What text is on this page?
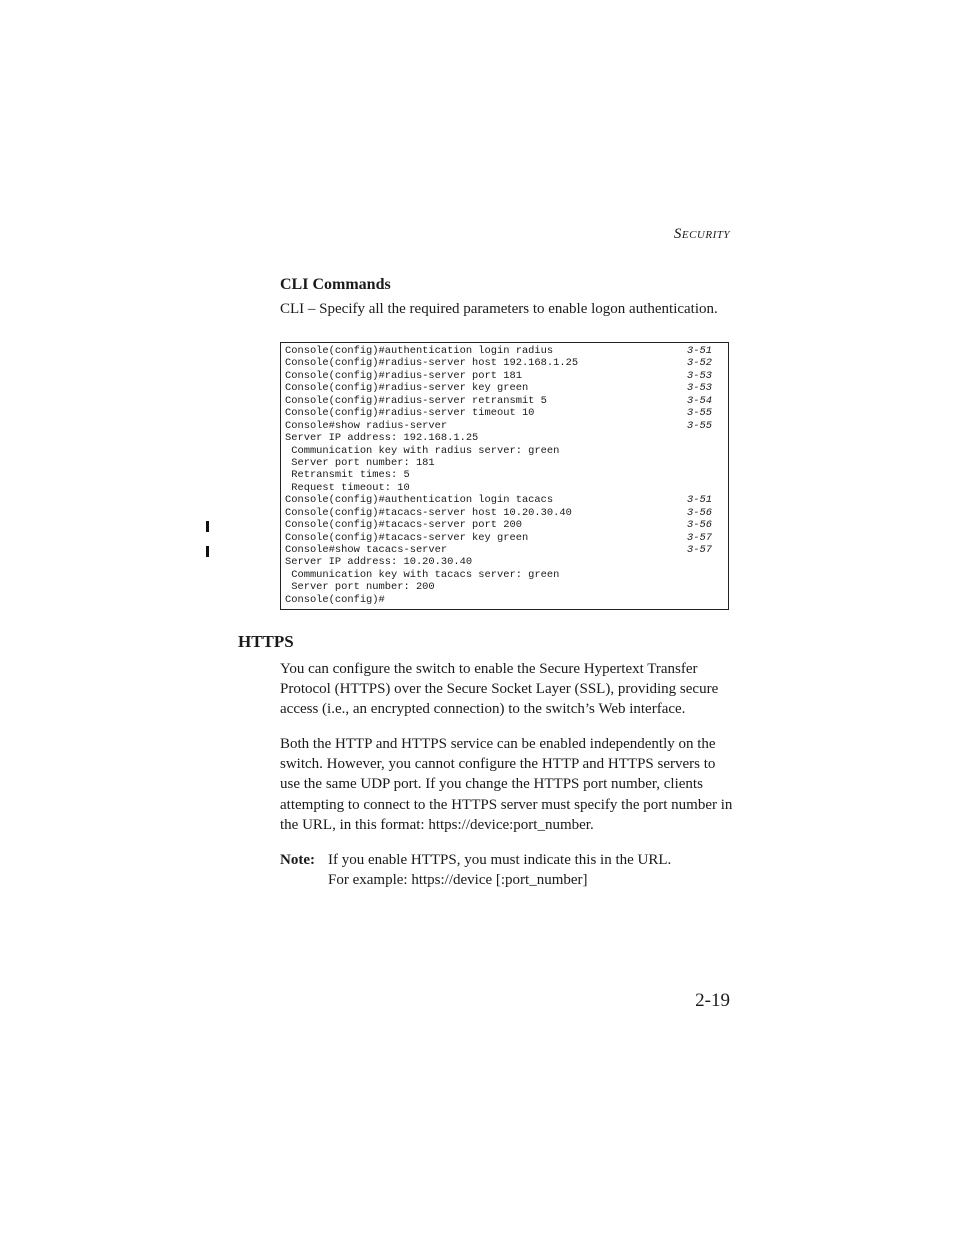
Security
CLI Commands
CLI – Specify all the required parameters to enable logon authentication.
Console(config)#authentication login radius	3-51
Console(config)#radius-server host 192.168.1.25	3-52
Console(config)#radius-server port 181	3-53
Console(config)#radius-server key green	3-53
Console(config)#radius-server retransmit 5	3-54
Console(config)#radius-server timeout 10	3-55
Console#show radius-server	3-55
Server IP address: 192.168.1.25
Communication key with radius server: green
Server port number: 181
Retransmit times: 5
Request timeout: 10
Console(config)#authentication login tacacs	3-51
Console(config)#tacacs-server host 10.20.30.40	3-56
Console(config)#tacacs-server port 200	3-56
Console(config)#tacacs-server key green	3-57
Console#show tacacs-server	3-57
Server IP address: 10.20.30.40
Communication key with tacacs server: green
Server port number: 200
Console(config)#
HTTPS
You can configure the switch to enable the Secure Hypertext Transfer Protocol (HTTPS) over the Secure Socket Layer (SSL), providing secure access (i.e., an encrypted connection) to the switch’s Web interface.
Both the HTTP and HTTPS service can be enabled independently on the switch. However, you cannot configure the HTTP and HTTPS servers to use the same UDP port. If you change the HTTPS port number, clients attempting to connect to the HTTPS server must specify the port number in the URL, in this format: https://device:port_number.
Note: If you enable HTTPS, you must indicate this in the URL.
For example: https://device [:port_number]
2-19
